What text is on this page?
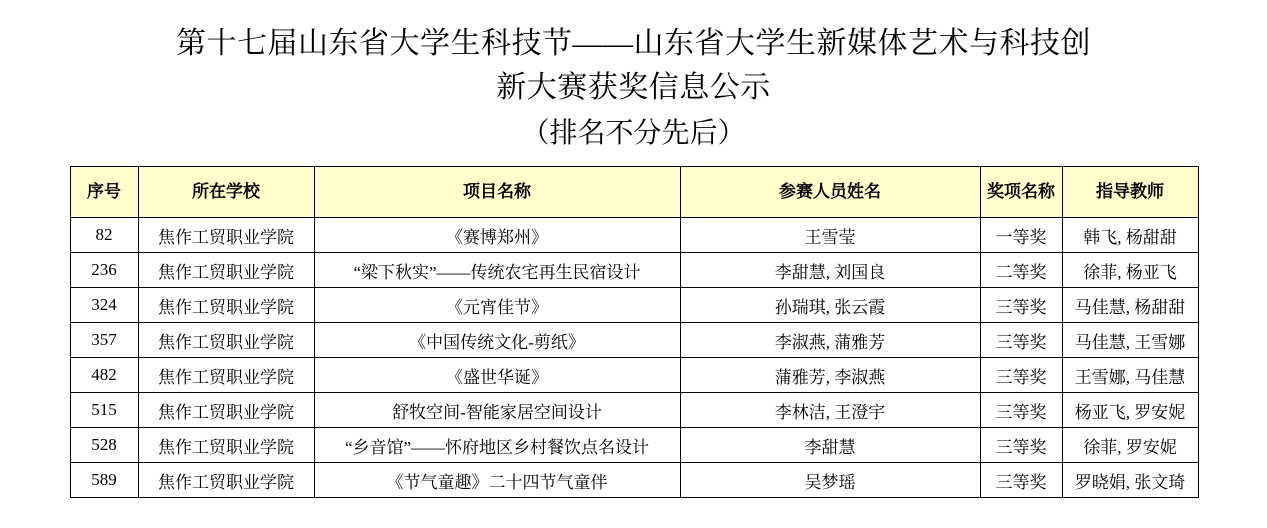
第十七届山东省大学生科技节——山东省大学生新媒体艺术与科技创
新大赛获奖信息公示
（排名不分先后）
序号	所在学校	项目名称	参赛人员姓名	奖项名称	指导教师
82	焦作工贸职业学院	《赛博郑州》	王雪莹	一等奖	韩飞, 杨甜甜
236	焦作工贸职业学院	“梁下秋实”——传统农宅再生民宿设计	李甜慧, 刘国良	二等奖	徐菲, 杨亚飞
324	焦作工贸职业学院	《元宵佳节》	孙瑞琪, 张云霞	三等奖	马佳慧, 杨甜甜
357	焦作工贸职业学院	《中国传统文化-剪纸》	李淑燕, 蒲雅芳	三等奖	马佳慧, 王雪娜
482	焦作工贸职业学院	《盛世华诞》	蒲雅芳, 李淑燕	三等奖	王雪娜, 马佳慧
515	焦作工贸职业学院	舒牧空间-智能家居空间设计	李林洁, 王澄宇	三等奖	杨亚飞, 罗安妮
528	焦作工贸职业学院	“乡音馆”——怀府地区乡村餐饮点名设计	李甜慧	三等奖	徐菲, 罗安妮
589	焦作工贸职业学院	《节气童趣》二十四节气童伴	吴梦瑶	三等奖	罗晓娟, 张文琦
